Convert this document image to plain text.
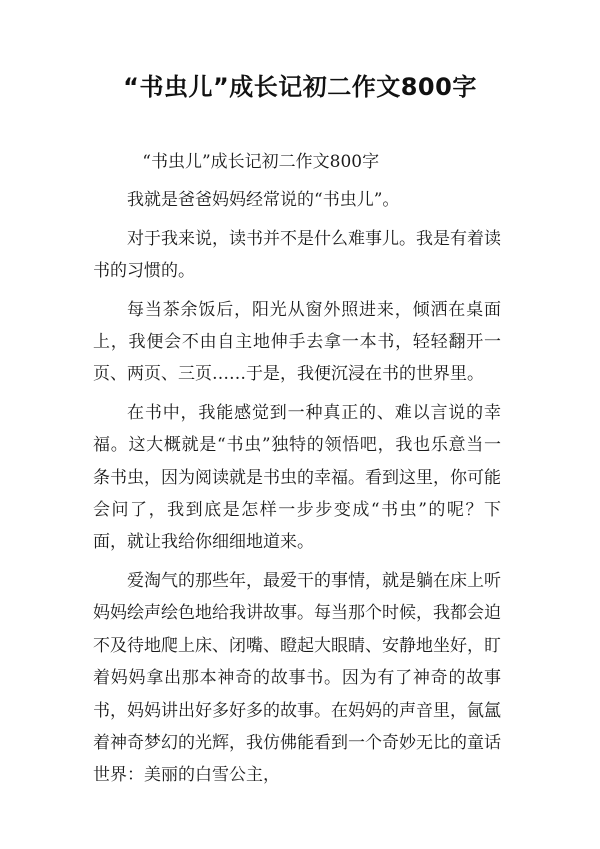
“书虫儿”成长记初二作文800字

“书虫儿”成长记初二作文800字

我就是爸爸妈妈经常说的“书虫儿”。

对于我来说，读书并不是什么难事儿。我是有着读书的习惯的。

每当茶余饭后，阳光从窗外照进来，倾洒在桌面上，我便会不由自主地伸手去拿一本书，轻轻翻开一页、两页、三页……于是，我便沉浸在书的世界里。

在书中，我能感觉到一种真正的、难以言说的幸福。这大概就是“书虫”独特的领悟吧，我也乐意当一条书虫，因为阅读就是书虫的幸福。看到这里，你可能会问了，我到底是怎样一步步变成“书虫”的呢？下面，就让我给你细细地道来。

爱淘气的那些年，最爱干的事情，就是躺在床上听妈妈绘声绘色地给我讲故事。每当那个时候，我都会迫不及待地爬上床、闭嘴、瞪起大眼睛、安静地坐好，盯着妈妈拿出那本神奇的故事书。因为有了神奇的故事书，妈妈讲出好多好多的故事。在妈妈的声音里，氤氲着神奇梦幻的光辉，我仿佛能看到一个奇妙无比的童话世界：美丽的白雪公主，
